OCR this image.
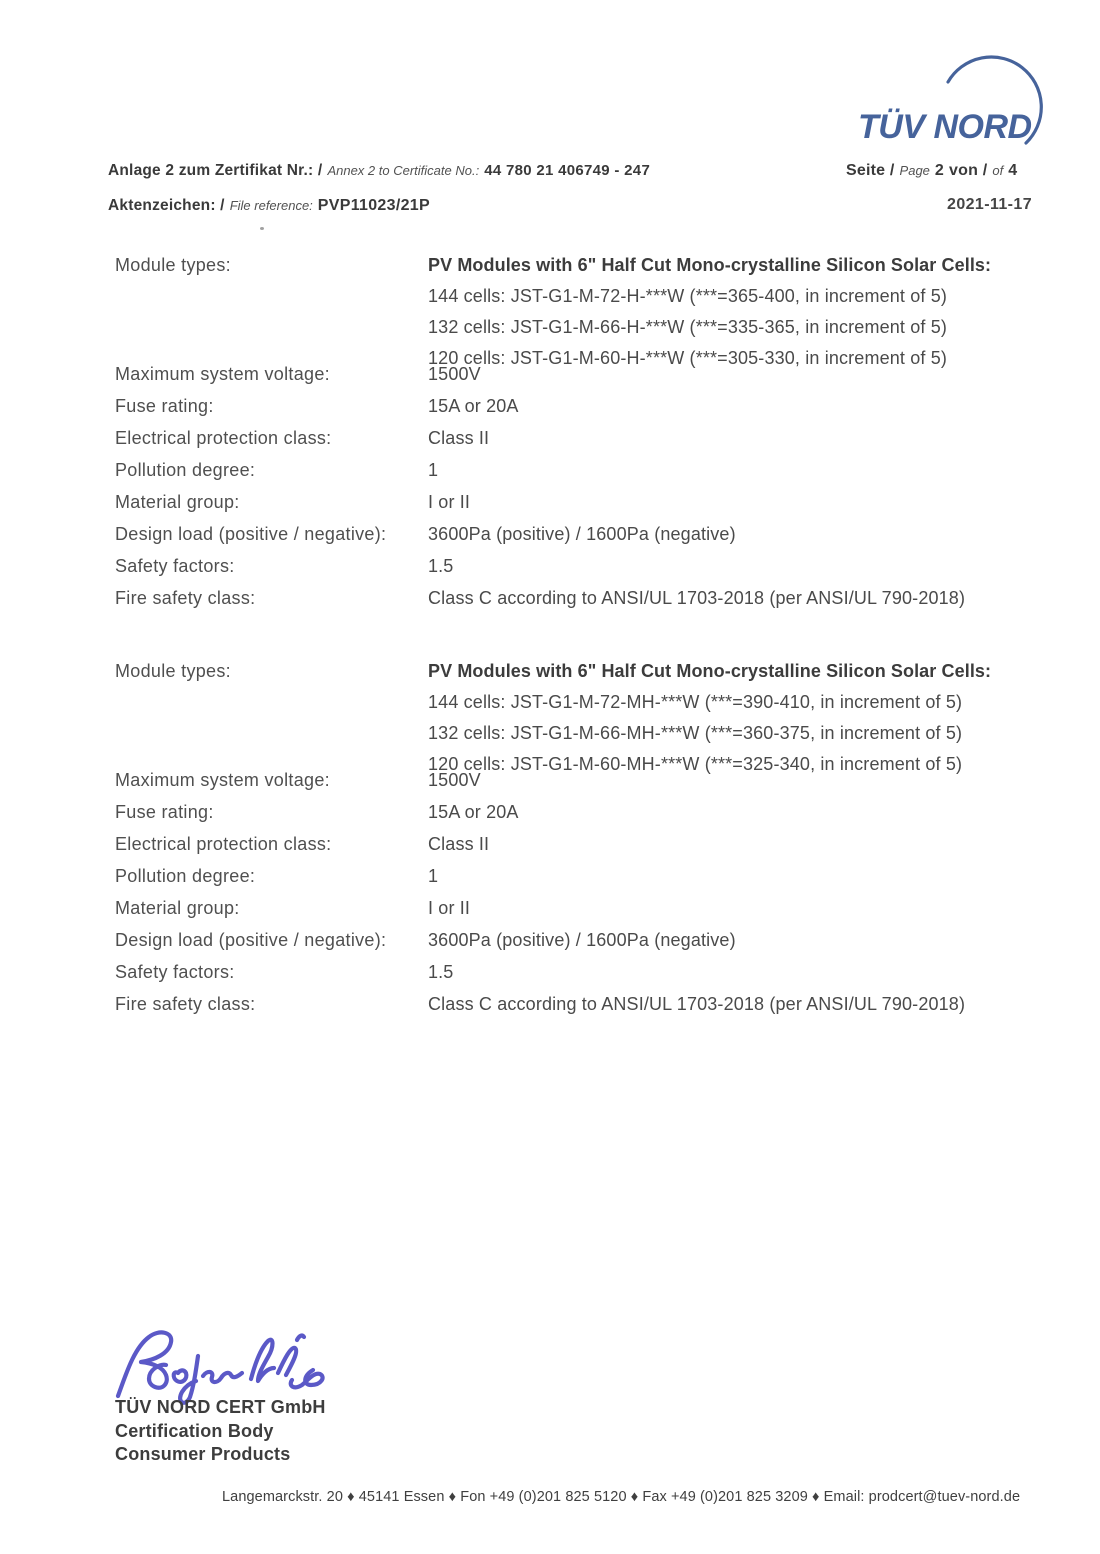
TÜV NORD
Anlage 2 zum Zertifikat Nr.: / Annex 2 to Certificate No.: 44 780 21 406749 - 247
Aktenzeichen: / File reference: PVP11023/21P
Seite / Page 2 von / of 4
2021-11-17
Module types:	PV Modules with 6" Half Cut Mono-crystalline Silicon Solar Cells:
144 cells: JST-G1-M-72-H-***W (***=365-400, in increment of 5)
132 cells: JST-G1-M-66-H-***W (***=335-365, in increment of 5)
120 cells: JST-G1-M-60-H-***W (***=305-330, in increment of 5)
Maximum system voltage:	1500V
Fuse rating:	15A or 20A
Electrical protection class:	Class II
Pollution degree:	1
Material group:	I or II
Design load (positive / negative):	3600Pa (positive) / 1600Pa (negative)
Safety factors:	1.5
Fire safety class:	Class C according to ANSI/UL 1703-2018 (per ANSI/UL 790-2018)
Module types:	PV Modules with 6" Half Cut Mono-crystalline Silicon Solar Cells:
144 cells: JST-G1-M-72-MH-***W (***=390-410, in increment of 5)
132 cells: JST-G1-M-66-MH-***W (***=360-375, in increment of 5)
120 cells: JST-G1-M-60-MH-***W (***=325-340, in increment of 5)
Maximum system voltage:	1500V
Fuse rating:	15A or 20A
Electrical protection class:	Class II
Pollution degree:	1
Material group:	I or II
Design load (positive / negative):	3600Pa (positive) / 1600Pa (negative)
Safety factors:	1.5
Fire safety class:	Class C according to ANSI/UL 1703-2018 (per ANSI/UL 790-2018)
TÜV NORD CERT GmbH
Certification Body
Consumer Products
Langemarckstr. 20 ♦ 45141 Essen ♦ Fon +49 (0)201 825 5120 ♦ Fax +49 (0)201 825 3209 ♦ Email: prodcert@tuev-nord.de
